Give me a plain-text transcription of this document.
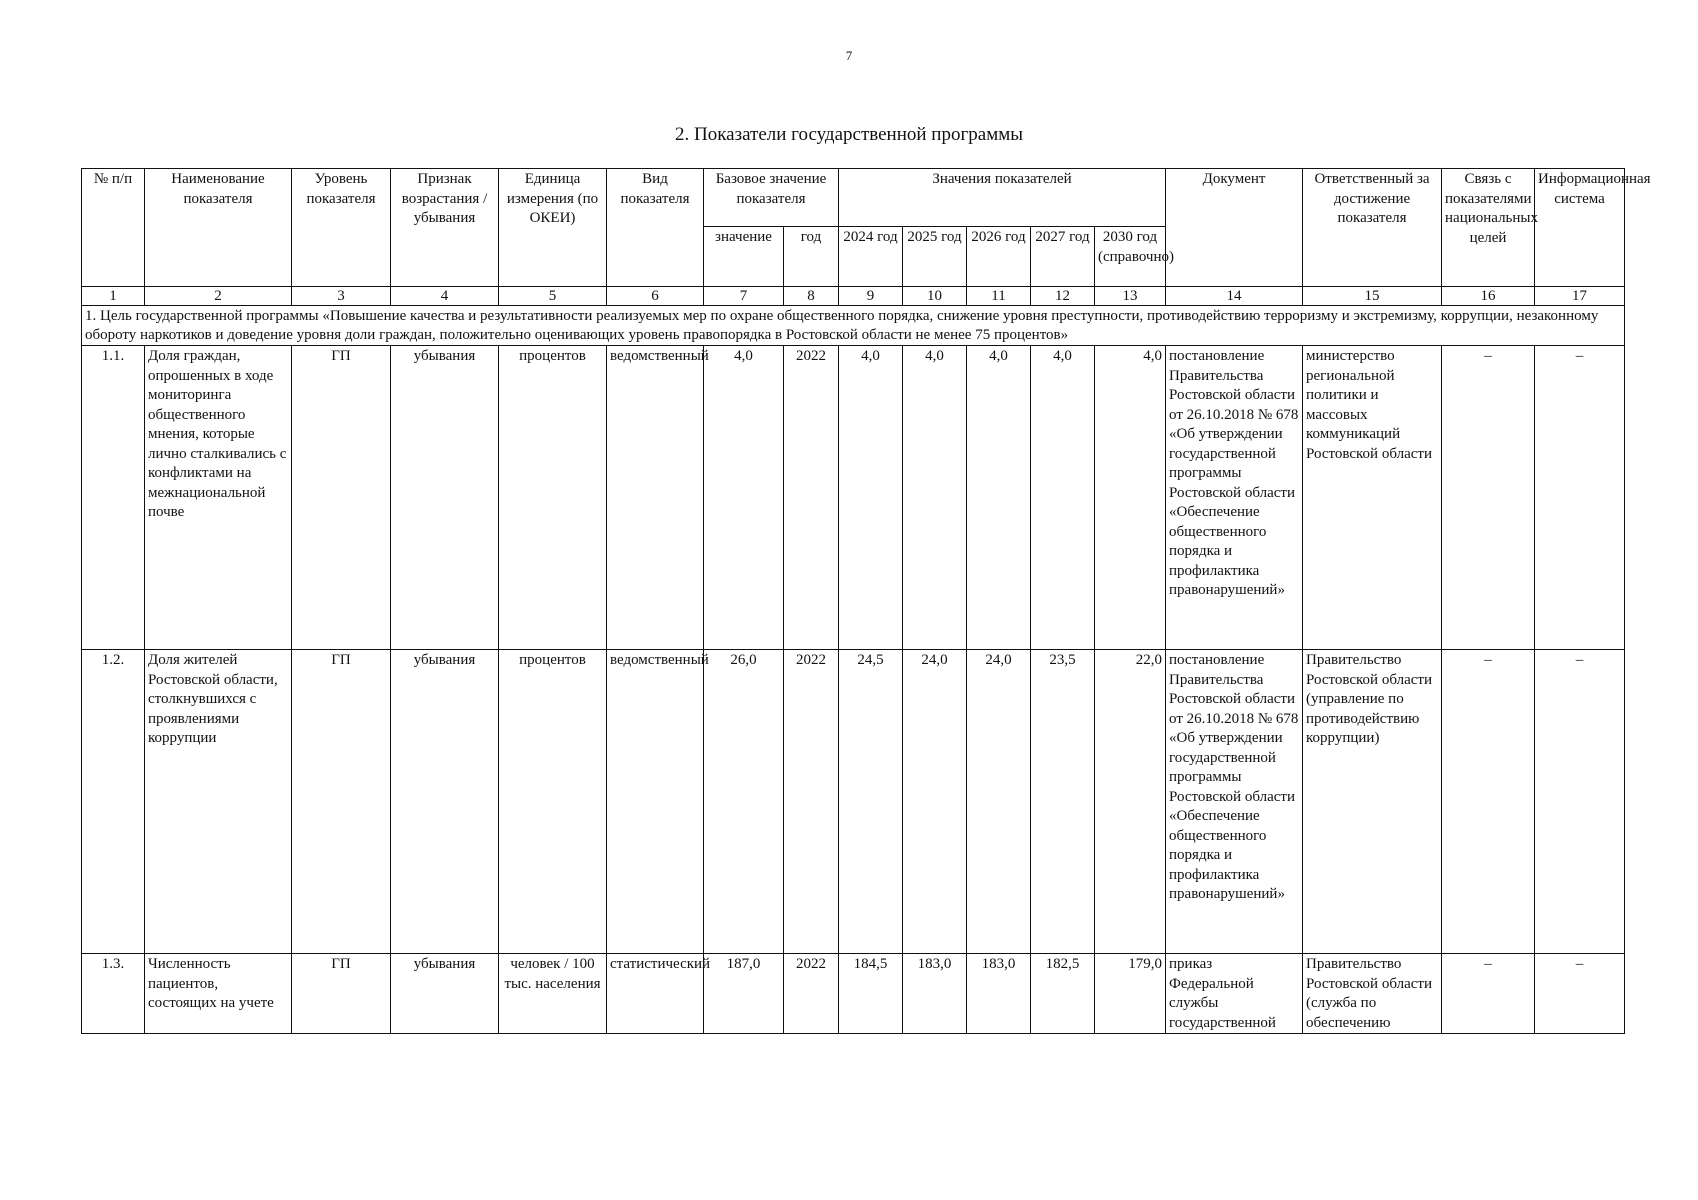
7
2. Показатели государственной программы
№ п/п	Наименование показателя	Уровень показателя	Признак возрастания / убывания	Единица измерения (по ОКЕИ)	Вид показателя	Базовое значение показателя		Значения показателей					Документ	Ответственный за достижение показателя	Связь с показателями национальных целей	Информационная система
						значение	год	2024 год	2025 год	2026 год	2027 год	2030 год (справочно)				
1	2	3	4	5	6	7	8	9	10	11	12	13	14	15	16	17
1. Цель государственной программы «Повышение качества и результативности реализуемых мер по охране общественного порядка, снижение уровня преступности, противодействию терроризму и экстремизму, коррупции, незаконному обороту наркотиков и доведение уровня доли граждан, положительно оценивающих уровень правопорядка в Ростовской области не менее 75 процентов»																
1.1.	Доля граждан, опрошенных в ходе мониторинга общественного мнения, которые лично сталкивались с конфликтами на межнациональной почве	ГП	убывания	процентов	ведомственный	4,0	2022	4,0	4,0	4,0	4,0	4,0	постановление Правительства Ростовской области от 26.10.2018 № 678 «Об утверждении государственной программы Ростовской области «Обеспечение общественного порядка и профилактика правонарушений»	министерство региональной политики и массовых коммуникаций Ростовской области	–	–
1.2.	Доля жителей Ростовской области, столкнувшихся с проявлениями коррупции	ГП	убывания	процентов	ведомственный	26,0	2022	24,5	24,0	24,0	23,5	22,0	постановление Правительства Ростовской области от 26.10.2018 № 678 «Об утверждении государственной программы Ростовской области «Обеспечение общественного порядка и профилактика правонарушений»	Правительство Ростовской области (управление по противодействию коррупции)	–	–
1.3.	Численность пациентов, состоящих на учете	ГП	убывания	человек / 100 тыс. населения	статистический	187,0	2022	184,5	183,0	183,0	182,5	179,0	приказ Федеральной службы государственной	Правительство Ростовской области (служба по обеспечению	–	–
